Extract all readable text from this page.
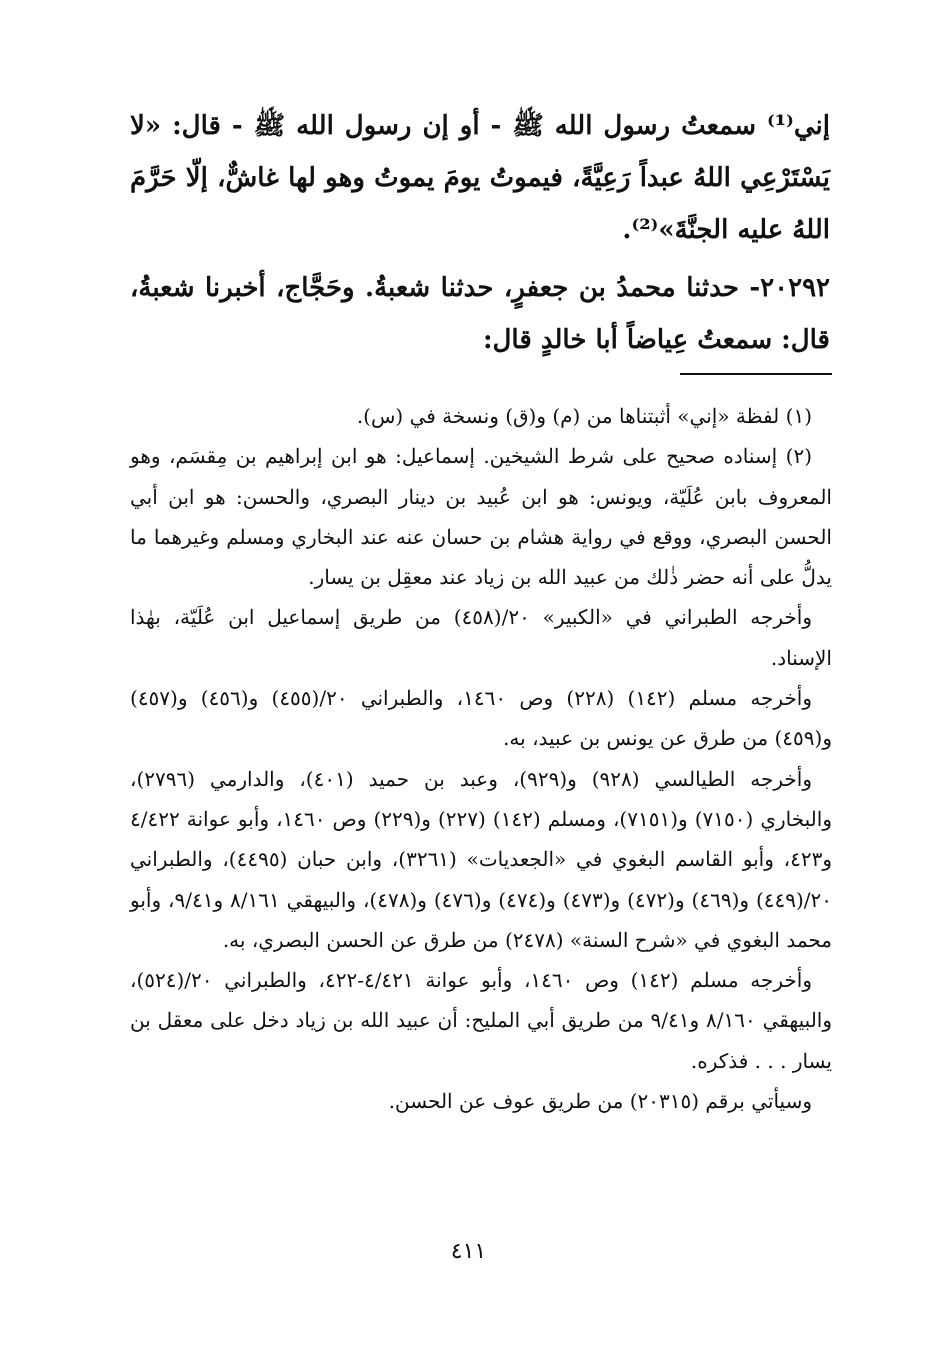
إني⁽¹⁾ سمعتُ رسول الله ﷺ - أو إن رسول الله ﷺ - قال: «لا يَسْتَرْعِي اللهُ عبداً رَعِيَّةً، فيموتُ يومَ يموتُ وهو لها غاشٌّ، إلّا حَرَّمَ اللهُ عليه الجنَّةَ»⁽²⁾.

٢٠٢٩٢- حدثنا محمدُ بن جعفرٍ، حدثنا شعبةُ. وحَجَّاج، أخبرنا شعبةُ، قال: سمعتُ عِياضاً أبا خالدٍ قال:

(١) لفظة «إني» أثبتناها من (م) و(ق) ونسخة في (س).

(٢) إسناده صحيح على شرط الشيخين. إسماعيل: هو ابن إبراهيم بن مِقسَم، وهو المعروف بابن عُلَيّة، ويونس: هو ابن عُبيد بن دينار البصري، والحسن: هو ابن أبي الحسن البصري، ووقع في رواية هشام بن حسان عنه عند البخاري ومسلم وغيرهما ما يدلُّ على أنه حضر ذٰلك من عبيد الله بن زياد عند معقِل بن يسار.

وأخرجه الطبراني في «الكبير» ٢٠/(٤٥٨) من طريق إسماعيل ابن عُلَيّة، بهٰذا الإسناد.

وأخرجه مسلم (١٤٢) (٢٢٨) وص ١٤٦٠، والطبراني ٢٠/(٤٥٥) و(٤٥٦) و(٤٥٧) و(٤٥٩) من طرق عن يونس بن عبيد، به.

وأخرجه الطيالسي (٩٢٨) و(٩٢٩)، وعبد بن حميد (٤٠١)، والدارمي (٢٧٩٦)، والبخاري (٧١٥٠) و(٧١٥١)، ومسلم (١٤٢) (٢٢٧) و(٢٢٩) وص ١٤٦٠، وأبو عوانة ٤/٤٢٢ و٤٢٣، وأبو القاسم البغوي في «الجعديات» (٣٢٦١)، وابن حبان (٤٤٩٥)، والطبراني ٢٠/(٤٤٩) و(٤٦٩) و(٤٧٢) و(٤٧٣) و(٤٧٤) و(٤٧٦) و(٤٧٨)، والبيهقي ٨/١٦١ و٩/٤١، وأبو محمد البغوي في «شرح السنة» (٢٤٧٨) من طرق عن الحسن البصري، به.

وأخرجه مسلم (١٤٢) وص ١٤٦٠، وأبو عوانة ٤/٤٢١-٤٢٢، والطبراني ٢٠/(٥٢٤)، والبيهقي ٨/١٦٠ و٩/٤١ من طريق أبي المليح: أن عبيد الله بن زياد دخل على معقل بن يسار . . . فذكره.

وسيأتي برقم (٢٠٣١٥) من طريق عوف عن الحسن.

٤١١
